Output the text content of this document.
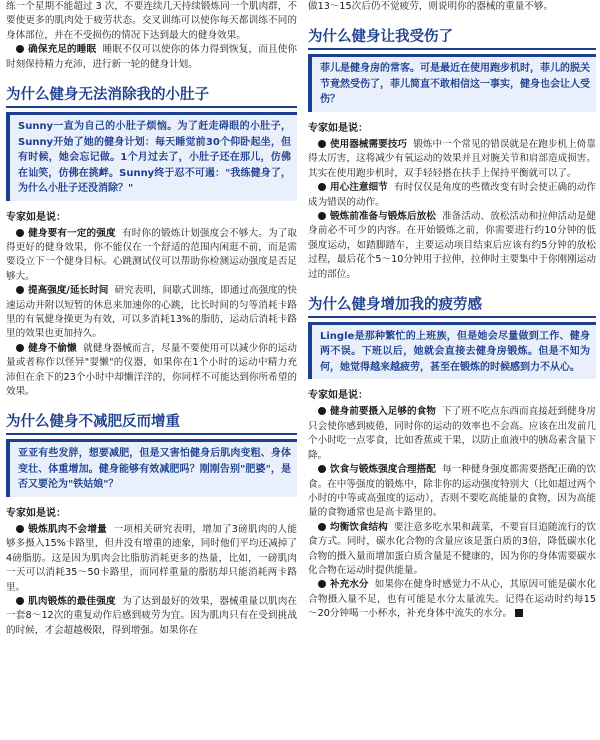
练一个星期不能超过 3 次，不要连续几天持续锻炼同一个肌肉群，不要使更多的肌肉处于疲劳状态。交叉训练可以使你每天都训练不同的身体部位，并在不受损伤的情况下达到最大的健身效果。

确保充足的睡眠 睡眠不仅可以使你的体力得到恢复，而且使你时刻保持精力充沛，进行新一轮的健身计划。

为什么健身无法消除我的小肚子

Sunny一直为自己的小肚子烦恼。为了赶走碍眼的小肚子，Sunny开始了她的健身计划：每天睡觉前30个仰卧起坐，但有时候，她会忘记做。1个月过去了，小肚子还在那儿，仿佛在讪笑，仿佛在挑衅。Sunny终于忍不可遏："我练健身了，为什么小肚子还没消除？"

专家如是说：

健身要有一定的强度 有时你的锻炼计划强度会不够大。为了取得更好的健身效果，你不能仅在一个舒适的范围内闲逛不前，而是需要设立下一个健身目标。心跳测试仪可以帮助你检测运动强度是否足够大。

提高强度/延长时间 研究表明，间歇式训练，即通过高强度的快速运动并附以短暂的休息来加速你的心跳，比长时间的匀等消耗卡路里的有氧健身操更为有效，可以多消耗13%的脂肪，运动后消耗卡路里的效果也更加持久。

健身不偷懒 就健身器械而言，尽量不要使用可以减少你的运动量或者称作以怪异"耍懒"的仪器，如果你在1个小时的运动中精力充沛但在余下的23个小时中却懒洋洋的，你同样不可能达到你所希望的效果。

为什么健身不减肥反而增重

亚亚有些发胖，想要减肥，但是又害怕健身后肌肉变粗、身体变壮、体重增加。健身能够有效减肥吗？刚刚告别"肥婆"，是否又要沦为"铁姑娘"？

专家如是说：

锻炼肌肉不会增量 一项相关研究表明，增加了3磅肌肉的人能够多摄入15%卡路里，但并没有增重的迹象，同时他们平均还减掉了4磅脂肪。这是因为肌肉会比脂肪消耗更多的热量，比如，一磅肌肉一天可以消耗35～50卡路里，而同样重量的脂肪却只能消耗两卡路里。

肌肉锻炼的最佳强度 为了达到最好的效果，器械重量以肌肉在一套8～12次的重复动作后感到疲劳为宜。因为肌肉只有在受到挑战的时候，才会超越极限，得到增强。如果你在

做13～15次后仍不觉疲劳，则说明你的器械的重量不够。

为什么健身让我受伤了

菲儿是健身房的常客。可是最近在使用跑步机时，菲儿的脱关节竟然受伤了，菲儿简直不敢相信这一事实，健身也会让人受伤？

专家如是说：

使用器械需要技巧 锻炼中一个常见的错误就是在跑步机上倚靠得太厉害，这将减少有氧运动的效果并且对腕关节和肩部造成损害。其实在使用跑步机时，双手轻轻搭在扶手上保持平衡就可以了。

用心注意细节 有时仅仅是角度的些微改变有时会使正确的动作成为错误的动作。

锻炼前准备与锻炼后放松 准备活动、放松活动和拉伸活动是健身前必不可少的内容。在开始锻炼之前，你需要进行约10分钟的低强度运动，如踏脚踏车，主要运动项目结束后应该有约5分钟的放松过程，最后花个5～10分钟用于拉伸，拉伸时主要集中于你刚刚运动过的部位。

为什么健身增加我的疲劳感

Lingle是那种繁忙的上班族，但是她会尽量做到工作、健身两不误。下班以后，她就会直接去健身房锻炼。但是不知为何，她觉得越来越疲劳，甚至在锻炼的时候感到力不从心。

专家如是说：

健身前要摄入足够的食物 下了班不吃点东西而直接赶到健身房只会使你感到疲倦，同时你的运动的效率也不会高。应该在出发前几个小时吃一点零食，比如香蕉或干果，以防止血液中的胰岛素含量下降。

饮食与锻炼强度合理搭配 每一种健身强度都需要搭配正确的饮食。在中等强度的锻炼中，除非你的运动强度特别大（比如超过两个小时的中等或高强度的运动），否则不要吃高能量的食物，因为高能量的食物通常也是高卡路里的。

均衡饮食结构 要注意多吃水果和蔬菜，不要盲目追随流行的饮食方式。同时，碳水化合物的含量应该是蛋白质的3倍，降低碳水化合物的摄入量而增加蛋白质含量是不健康的，因为你的身体需要碳水化合物在运动时提供能量。

补充水分 如果你在健身时感觉力不从心，其原因可能是碳水化合物摄入量不足，也有可能是水分太量流失。记得在运动时约每15～20分钟喝一小杯水，补充身体中流失的水分。
